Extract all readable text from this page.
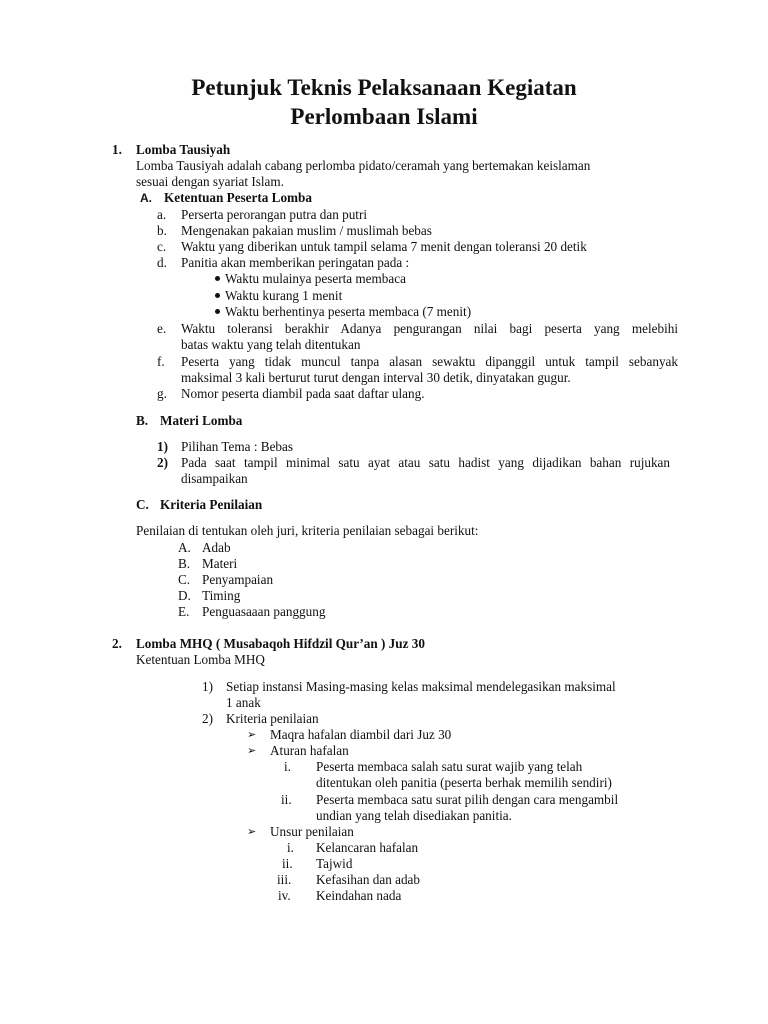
Petunjuk Teknis Pelaksanaan Kegiatan
Perlombaan Islami
1. Lomba Tausiyah
Lomba Tausiyah adalah cabang perlomba pidato/ceramah yang bertemakan keislaman
sesuai dengan syariat Islam.
A. Ketentuan Peserta Lomba
a. Perserta perorangan putra dan putri
b. Mengenakan pakaian muslim / muslimah bebas
c. Waktu yang diberikan untuk tampil selama 7 menit dengan toleransi 20 detik
d. Panitia akan memberikan peringatan pada :
Waktu mulainya peserta membaca
Waktu kurang 1 menit
Waktu berhentinya peserta membaca (7 menit)
e. Waktu toleransi berakhir Adanya pengurangan nilai bagi peserta yang melebihi
batas waktu yang telah ditentukan
f. Peserta yang tidak muncul tanpa alasan sewaktu dipanggil untuk tampil sebanyak
maksimal 3 kali berturut turut dengan interval 30 detik, dinyatakan gugur.
g. Nomor peserta diambil pada saat daftar ulang.
B. Materi Lomba
1) Pilihan Tema : Bebas
2) Pada saat tampil minimal satu ayat atau satu hadist yang dijadikan bahan rujukan
disampaikan
C. Kriteria Penilaian
Penilaian di tentukan oleh juri, kriteria penilaian sebagai berikut:
A. Adab
B. Materi
C. Penyampaian
D. Timing
E. Penguasaaan panggung
2. Lomba MHQ ( Musabaqoh Hifdzil Qur’an ) Juz 30
Ketentuan Lomba MHQ
1) Setiap instansi Masing-masing kelas maksimal mendelegasikan maksimal
1 anak
2) Kriteria penilaian
➢ Maqra hafalan diambil dari Juz 30
➢ Aturan hafalan
i. Peserta membaca salah satu surat wajib yang telah
ditentukan oleh panitia (peserta berhak memilih sendiri)
ii. Peserta membaca satu surat pilih dengan cara mengambil
undian yang telah disediakan panitia.
➢ Unsur penilaian
i. Kelancaran hafalan
ii. Tajwid
iii. Kefasihan dan adab
iv. Keindahan nada
